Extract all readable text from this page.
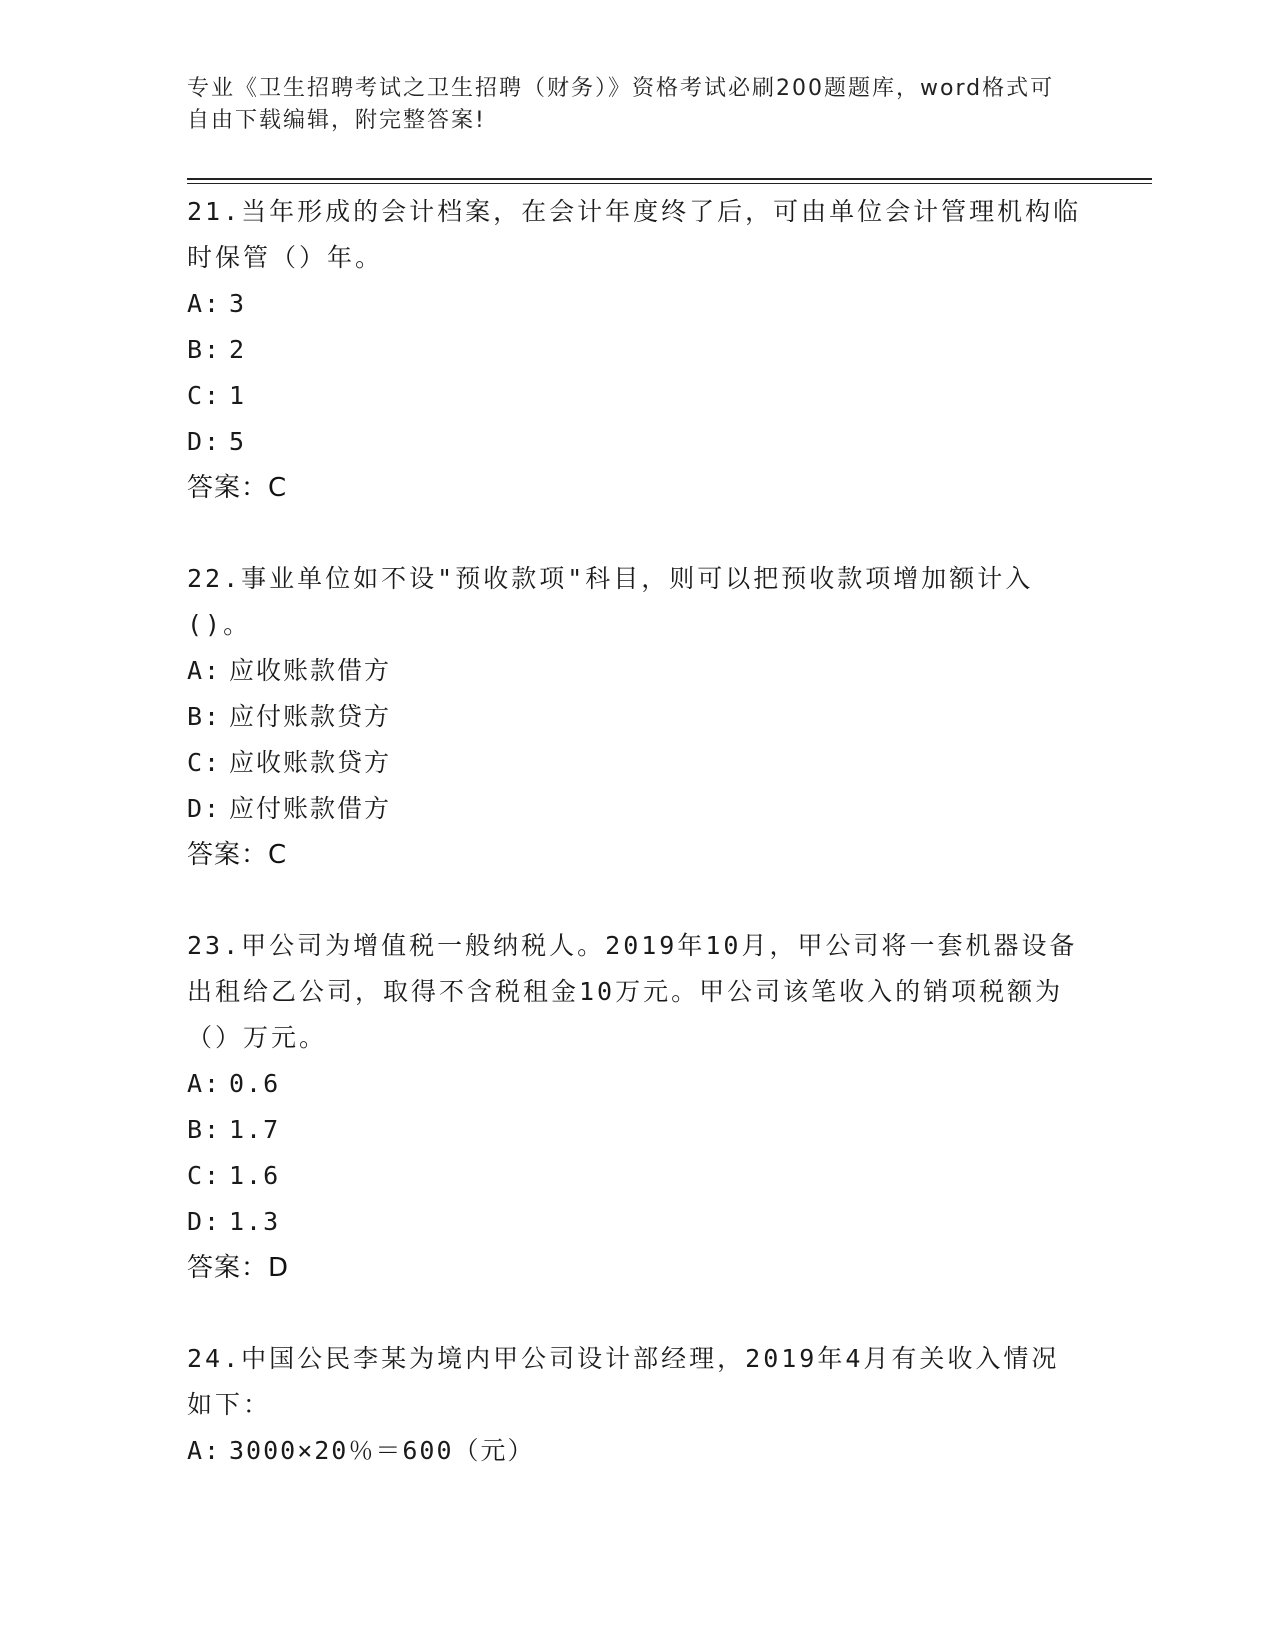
专业《卫生招聘考试之卫生招聘（财务）》资格考试必刷200题题库，word格式可自由下载编辑，附完整答案!
21.当年形成的会计档案，在会计年度终了后，可由单位会计管理机构临时保管（）年。
A: 3
B: 2
C: 1
D: 5
答案：C
22.事业单位如不设"预收款项"科目，则可以把预收款项增加额计入()。
A: 应收账款借方
B: 应付账款贷方
C: 应收账款贷方
D: 应付账款借方
答案：C
23.甲公司为增值税一般纳税人。2019年10月，甲公司将一套机器设备出租给乙公司，取得不含税租金10万元。甲公司该笔收入的销项税额为（）万元。
A: 0.6
B: 1.7
C: 1.6
D: 1.3
答案：D
24.中国公民李某为境内甲公司设计部经理，2019年4月有关收入情况如下：
A: 3000×20％＝600（元）
